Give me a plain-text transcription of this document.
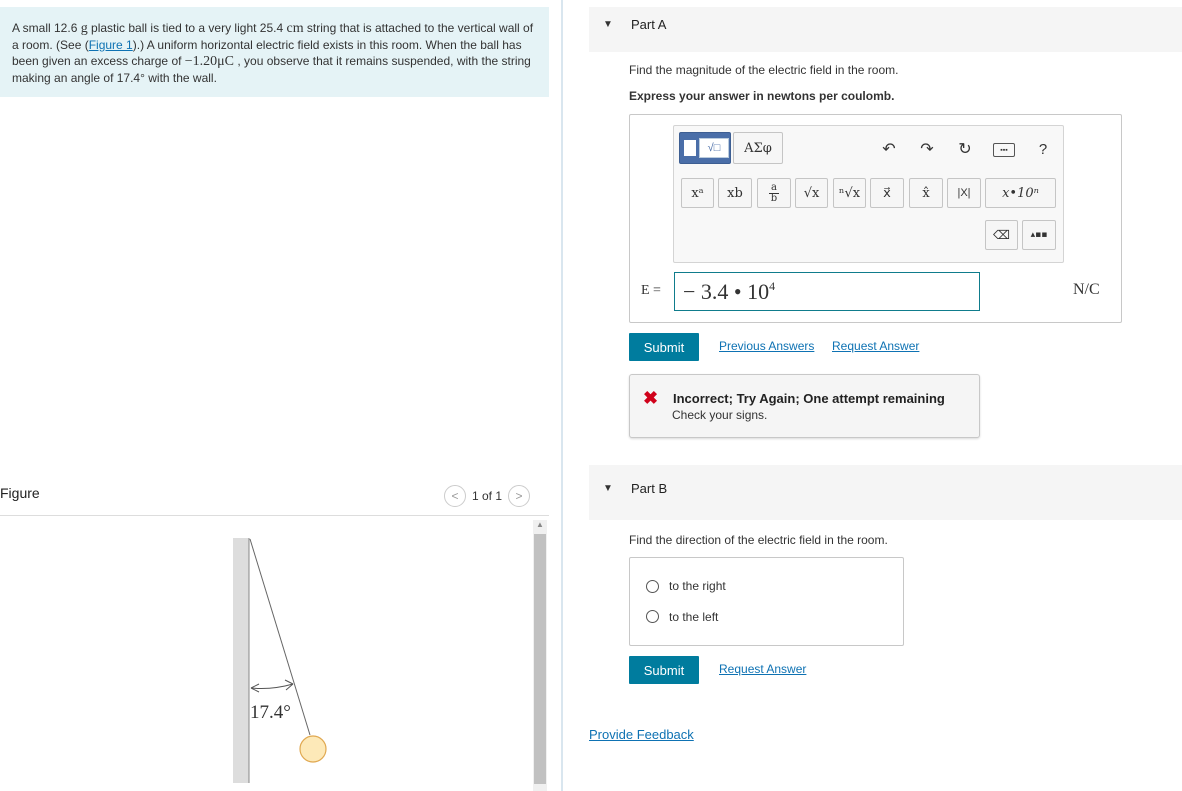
A small 12.6 g plastic ball is tied to a very light 25.4 cm string that is attached to the vertical wall of a room. (See (Figure 1).) A uniform horizontal electric field exists in this room. When the ball has been given an excess charge of −1.20μC , you observe that it remains suspended, with the string making an angle of 17.4° with the wall.
Figure	<	1 of 1	>
17.4°
▲
▼ Part A
Find the magnitude of the electric field in the room.
Express your answer in newtons per coulomb.
√□	ΑΣφ	↶ ↷ ↻	▪▪▪	?
xᵃ	xb	a
b	√x	ⁿ√x	x⃗	x̂	|X|	x•10ⁿ
⌫	▴▪▪
E = − 3.4 • $10^4$	N/C
Submit	Previous Answers Request Answer
✖ Incorrect; Try Again; One attempt remaining
Check your signs.
▼ Part B
Find the direction of the electric field in the room.
to the right
to the left
Submit	Request Answer
Provide Feedback
